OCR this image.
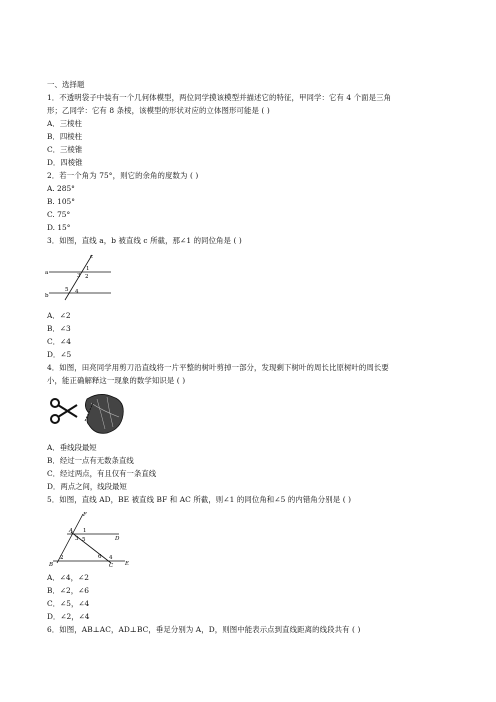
一、选择题
1．不透明袋子中装有一个几何体模型，两位同学摸该模型并描述它的特征，甲同学：它有 4 个面是三角
形；乙同学：它有 8 条棱，该模型的形状对应的立体图形可能是 ( )
A．三棱柱
B．四棱柱
C．三棱锥
D．四棱锥
2．若一个角为 75°，则它的余角的度数为 ( )
A. 285°
B. 105°
C. 75°
D. 15°
3．如图，直线 a，b 被直线 c 所截，那∠1 的同位角是 ( )
c
a
1
3 2
b
5 4
A．∠2
B．∠3
C．∠4
D．∠5
4．如图，田亮同学用剪刀沿直线将一片平整的树叶剪掉一部分，发现剩下树叶的周长比原树叶的周长要
小，能正确解释这一现象的数学知识是 ( )
A．垂线段最短
B．经过一点有无数条直线
C．经过两点，有且仅有一条直线
D．两点之间，线段最短
5．如图，直线 AD，BE 被直线 BF 和 AC 所截，则∠1 的同位角和∠5 的内错角分别是 ( )
F
A 1
D
3 5
2	6 4
B	C E
A．∠4，∠2
B．∠2，∠6
C．∠5，∠4
D．∠2，∠4
6．如图，AB⊥AC，AD⊥BC，垂足分别为 A，D，则图中能表示点到直线距离的线段共有 ( )
